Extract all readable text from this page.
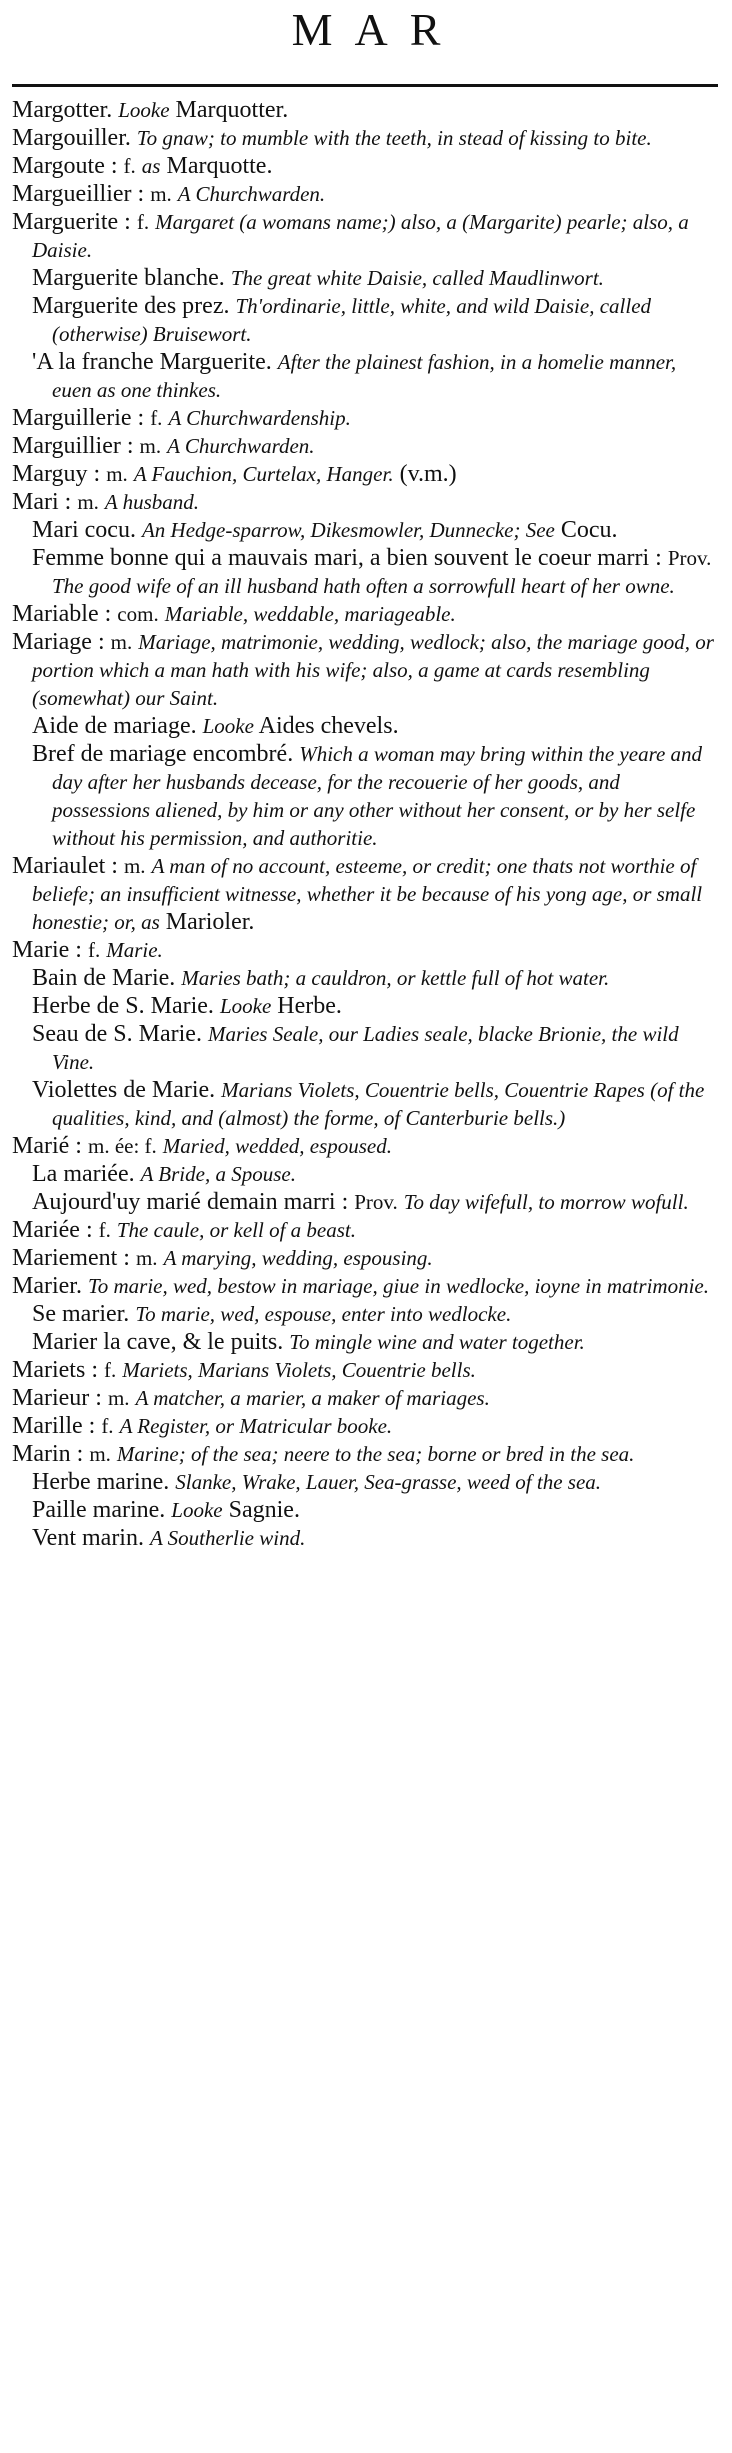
MAR

Margotter. Looke Marquotter.

Margouiller. To gnaw; to mumble with the teeth, in stead of kissing to bite.

Margoute : f. as Marquotte.

Margueillier : m. A Churchwarden.

Marguerite : f. Margaret (a womans name;) also, a (Margarite) pearle; also, a Daisie.

Marguerite blanche. The great white Daisie, called Maudlinwort.

Marguerite des prez. Th'ordinarie, little, white, and wild Daisie, called (otherwise) Bruisewort.

'A la franche Marguerite. After the plainest fashion, in a homelie manner, euen as one thinkes.

Marguillerie : f. A Churchwardenship.

Marguillier : m. A Churchwarden.

Marguy : m. A Fauchion, Curtelax, Hanger. (v.m.)

Mari : m. A husband.

Mari cocu. An Hedge-sparrow, Dikesmowler, Dunnecke; See Cocu.

Femme bonne qui a mauvais mari, a bien souvent le coeur marri : Prov. The good wife of an ill husband hath often a sorrowfull heart of her owne.

Mariable : com. Mariable, weddable, mariageable.

Mariage : m. Mariage, matrimonie, wedding, wedlock; also, the mariage good, or portion which a man hath with his wife; also, a game at cards resembling (somewhat) our Saint.

Aide de mariage. Looke Aides chevels.

Bref de mariage encombré. Which a woman may bring within the yeare and day after her husbands decease, for the recouerie of her goods, and possessions aliened, by him or any other without her consent, or by her selfe without his permission, and authoritie.

Mariaulet : m. A man of no account, esteeme, or credit; one thats not worthie of beliefe; an insufficient witnesse, whether it be because of his yong age, or small honestie; or, as Marioler.

Marie : f. Marie.

Bain de Marie. Maries bath; a cauldron, or kettle full of hot water.

Herbe de S. Marie. Looke Herbe.

Seau de S. Marie. Maries Seale, our Ladies seale, blacke Brionie, the wild Vine.

Violettes de Marie. Marians Violets, Couentrie bells, Couentrie Rapes (of the qualities, kind, and (almost) the forme, of Canterburie bells.)

Marié : m. ée: f. Maried, wedded, espoused.

La mariée. A Bride, a Spouse.

Aujourd'uy marié demain marri : Prov. To day wifefull, to morrow wofull.

Mariée : f. The caule, or kell of a beast.

Mariement : m. A marying, wedding, espousing.

Marier. To marie, wed, bestow in mariage, giue in wedlocke, ioyne in matrimonie.

Se marier. To marie, wed, espouse, enter into wedlocke.

Marier la cave, & le puits. To mingle wine and water together.

Mariets : f. Mariets, Marians Violets, Couentrie bells.

Marieur : m. A matcher, a marier, a maker of mariages.

Marille : f. A Register, or Matricular booke.

Marin : m. Marine; of the sea; neere to the sea; borne or bred in the sea.

Herbe marine. Slanke, Wrake, Lauer, Sea-grasse, weed of the sea.

Paille marine. Looke Sagnie.

Vent marin. A Southerlie wind.
